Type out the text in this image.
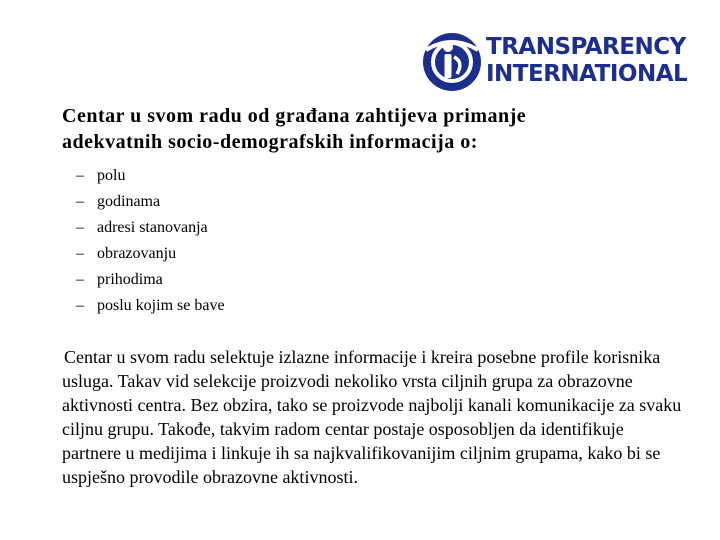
TRANSPARENCY
INTERNATIONAL
Centar u svom radu od građana zahtijeva primanje
adekvatnih socio-demografskih informacija o:
– polu
– godinama
– adresi stanovanja
– obrazovanju
– prihodima
– poslu kojim se bave

Centar u svom radu selektuje izlazne informacije i kreira posebne profile korisnika usluga. Takav vid selekcije proizvodi nekoliko vrsta ciljnih grupa za obrazovne aktivnosti centra. Bez obzira, tako se proizvode najbolji kanali komunikacije za svaku ciljnu grupu. Takođe, takvim radom centar postaje osposobljen da identifikuje partnere u medijima i linkuje ih sa najkvalifikovanijim ciljnim grupama, kako bi se uspješno provodile obrazovne aktivnosti.
